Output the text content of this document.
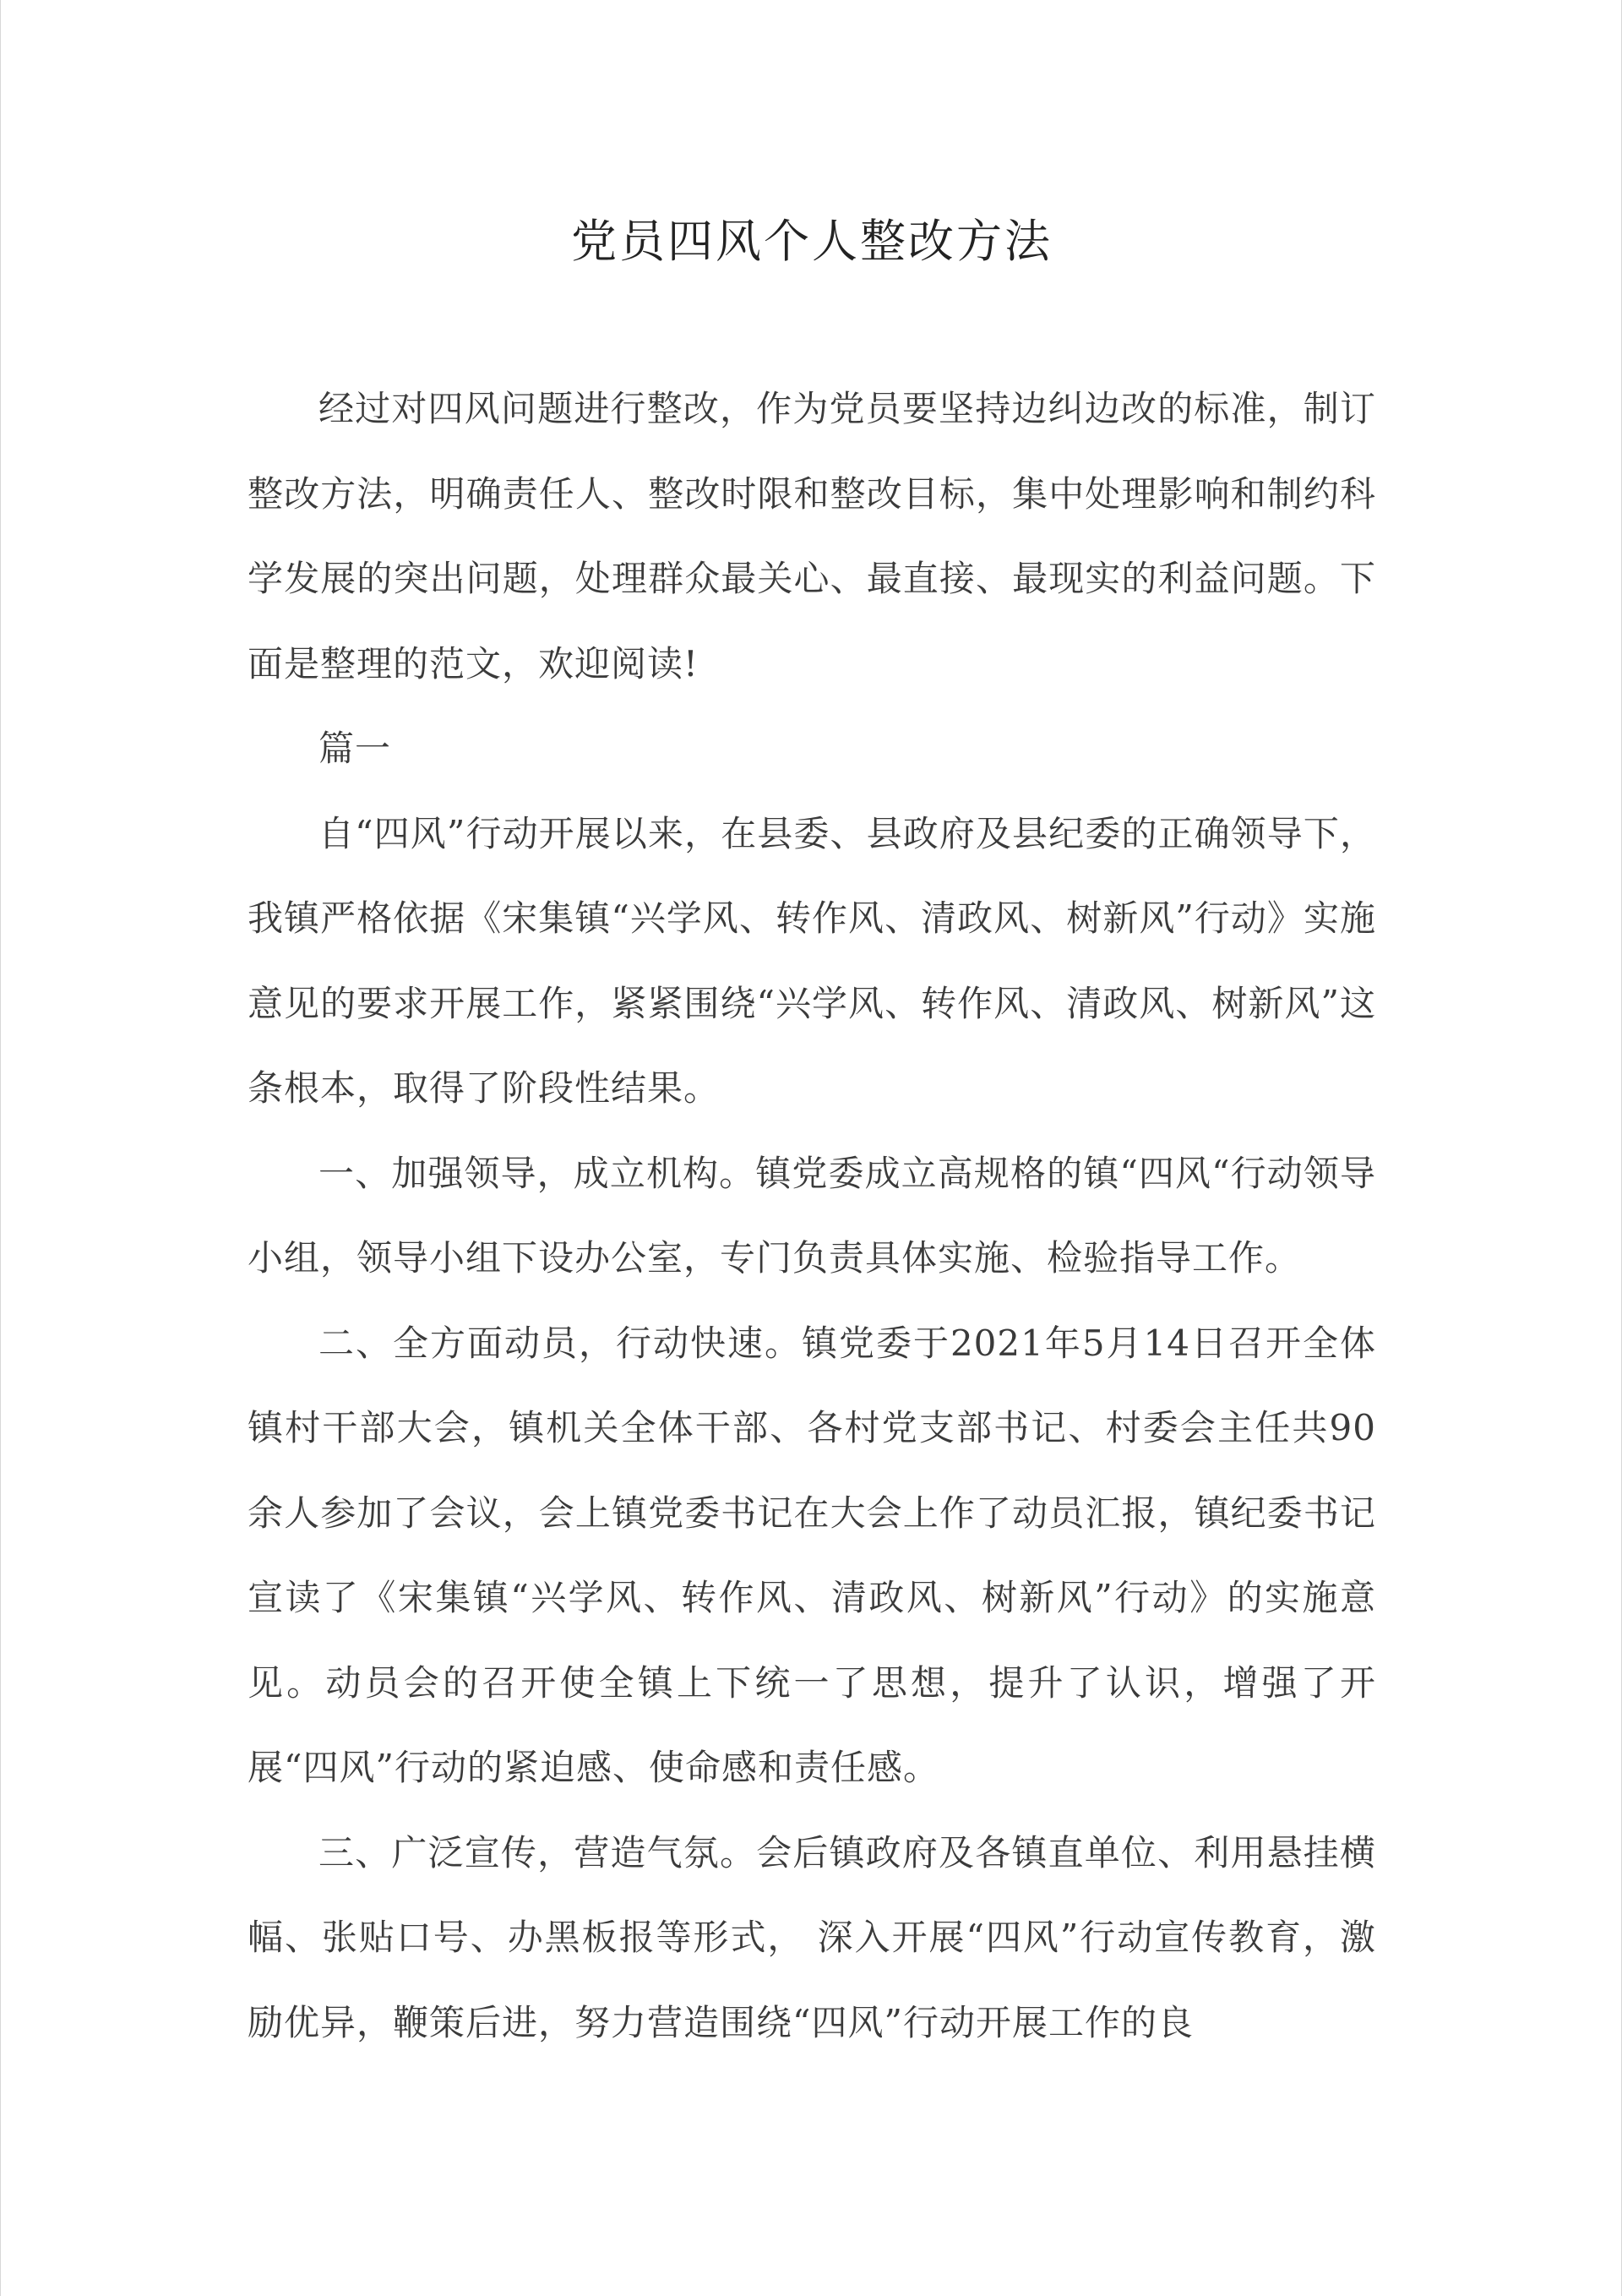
党员四风个人整改方法

经过对四风问题进行整改，作为党员要坚持边纠边改的标准，制订整改方法，明确责任人、整改时限和整改目标，集中处理影响和制约科学发展的突出问题，处理群众最关心、最直接、最现实的利益问题。下面是整理的范文，欢迎阅读!

篇一

自“四风”行动开展以来，在县委、县政府及县纪委的正确领导下，我镇严格依据《宋集镇“兴学风、转作风、清政风、树新风”行动》实施意见的要求开展工作，紧紧围绕“兴学风、转作风、清政风、树新风”这条根本，取得了阶段性结果。

一、加强领导，成立机构。镇党委成立高规格的镇“四风“行动领导小组，领导小组下设办公室，专门负责具体实施、检验指导工作。

二、全方面动员，行动快速。镇党委于2021年5月14日召开全体镇村干部大会，镇机关全体干部、各村党支部书记、村委会主任共90余人参加了会议，会上镇党委书记在大会上作了动员汇报，镇纪委书记宣读了《宋集镇“兴学风、转作风、清政风、树新风”行动》的实施意见。动员会的召开使全镇上下统一了思想，提升了认识，增强了开展“四风”行动的紧迫感、使命感和责任感。

三、广泛宣传，营造气氛。会后镇政府及各镇直单位、利用悬挂横幅、张贴口号、办黑板报等形式， 深入开展“四风”行动宣传教育，激励优异，鞭策后进，努力营造围绕“四风”行动开展工作的良
